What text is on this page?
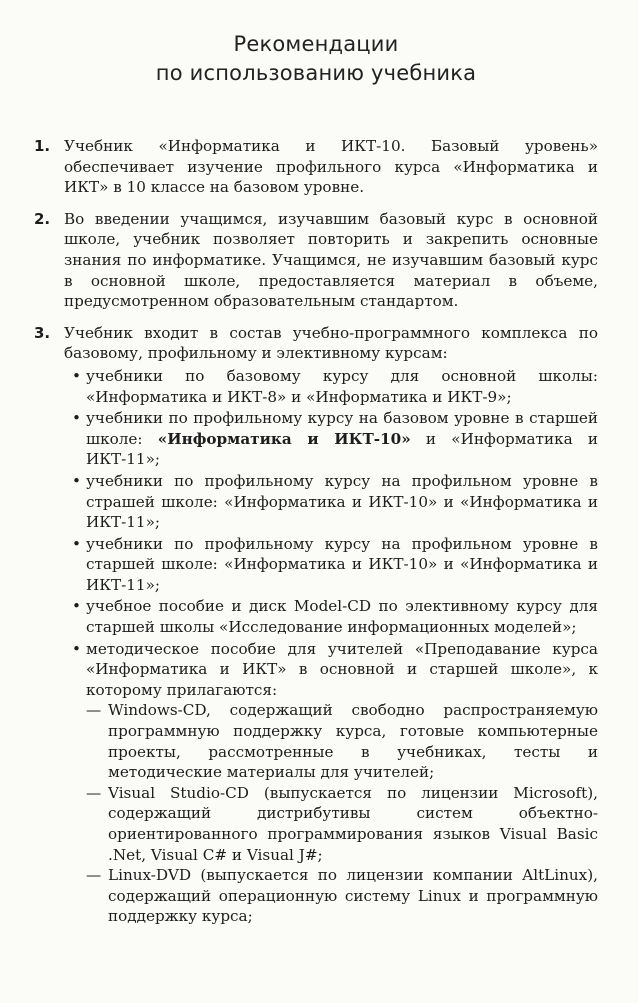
Рекомендации
по использованию учебника
1. Учебник «Информатика и ИКТ-10. Базовый уровень» обеспечивает изучение профильного курса «Информатика и ИКТ» в 10 классе на базовом уровне.
2. Во введении учащимся, изучавшим базовый курс в основной школе, учебник позволяет повторить и закрепить основные знания по информатике. Учащимся, не изучавшим базовый курс в основной школе, предоставляется материал в объеме, предусмотренном образовательным стандартом.
3. Учебник входит в состав учебно-программного комплекса по базовому, профильному и элективному курсам:
• учебники по базовому курсу для основной школы: «Информатика и ИКТ-8» и «Информатика и ИКТ-9»;
• учебники по профильному курсу на базовом уровне в старшей школе: «Информатика и ИКТ-10» и «Информатика и ИКТ-11»;
• учебники по профильному курсу на профильном уровне в страшей школе: «Информатика и ИКТ-10» и «Информатика и ИКТ-11»;
• учебники по профильному курсу на профильном уровне в старшей школе: «Информатика и ИКТ-10» и «Информатика и ИКТ-11»;
• учебное пособие и диск Model-CD по элективному курсу для старшей школы «Исследование информационных моделей»;
• методическое пособие для учителей «Преподавание курса «Информатика и ИКТ» в основной и старшей школе», к которому прилагаются:
— Windows-CD, содержащий свободно распространяемую программную поддержку курса, готовые компьютерные проекты, рассмотренные в учебниках, тесты и методические материалы для учителей;
— Visual Studio-CD (выпускается по лицензии Microsoft), содержащий дистрибутивы систем объектно-ориентированного программирования языков Visual Basic .Net, Visual C# и Visual J#;
— Linux-DVD (выпускается по лицензии компании AltLinux), содержащий операционную систему Linux и программную поддержку курса;
